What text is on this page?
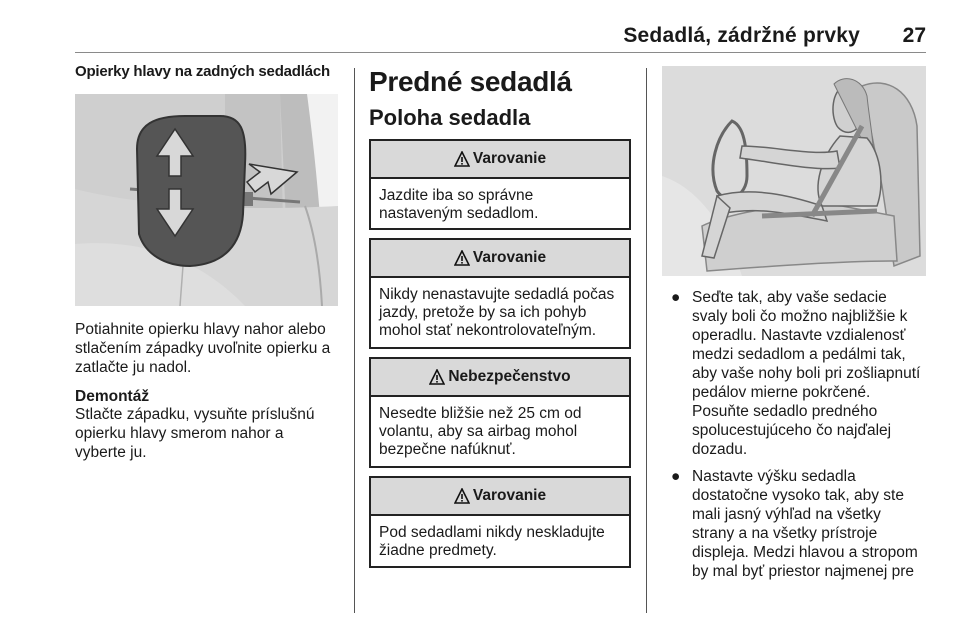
Sedadlá, zádržné prvky 27
Opierky hlavy na zadných sedadlách
Potiahnite opierku hlavy nahor alebo
stlačením západky uvoľnite opierku a
zatlačte ju nadol.
Demontáž
Stlačte západku, vysuňte príslušnú
opierku hlavy smerom nahor a
vyberte ju.
Predné sedadlá
Poloha sedadla
Varovanie
Jazdite iba so správne
nastaveným sedadlom.
Varovanie
Nikdy nenastavujte sedadlá počas
jazdy, pretože by sa ich pohyb
mohol stať nekontrolovateľným.
Nebezpečenstvo
Nesedte bližšie než 25 cm od
volantu, aby sa airbag mohol
bezpečne nafúknuť.
Varovanie
Pod sedadlami nikdy neskladujte
žiadne predmety.
● Seďte tak, aby vaše sedacie
svaly boli čo možno najbližšie k
operadlu. Nastavte vzdialenosť
medzi sedadlom a pedálmi tak,
aby vaše nohy boli pri zošliapnutí
pedálov mierne pokrčené.
Posuňte sedadlo predného
spolucestujúceho čo najďalej
dozadu.
● Nastavte výšku sedadla
dostatočne vysoko tak, aby ste
mali jasný výhľad na všetky
strany a na všetky prístroje
displeja. Medzi hlavou a stropom
by mal byť priestor najmenej pre
